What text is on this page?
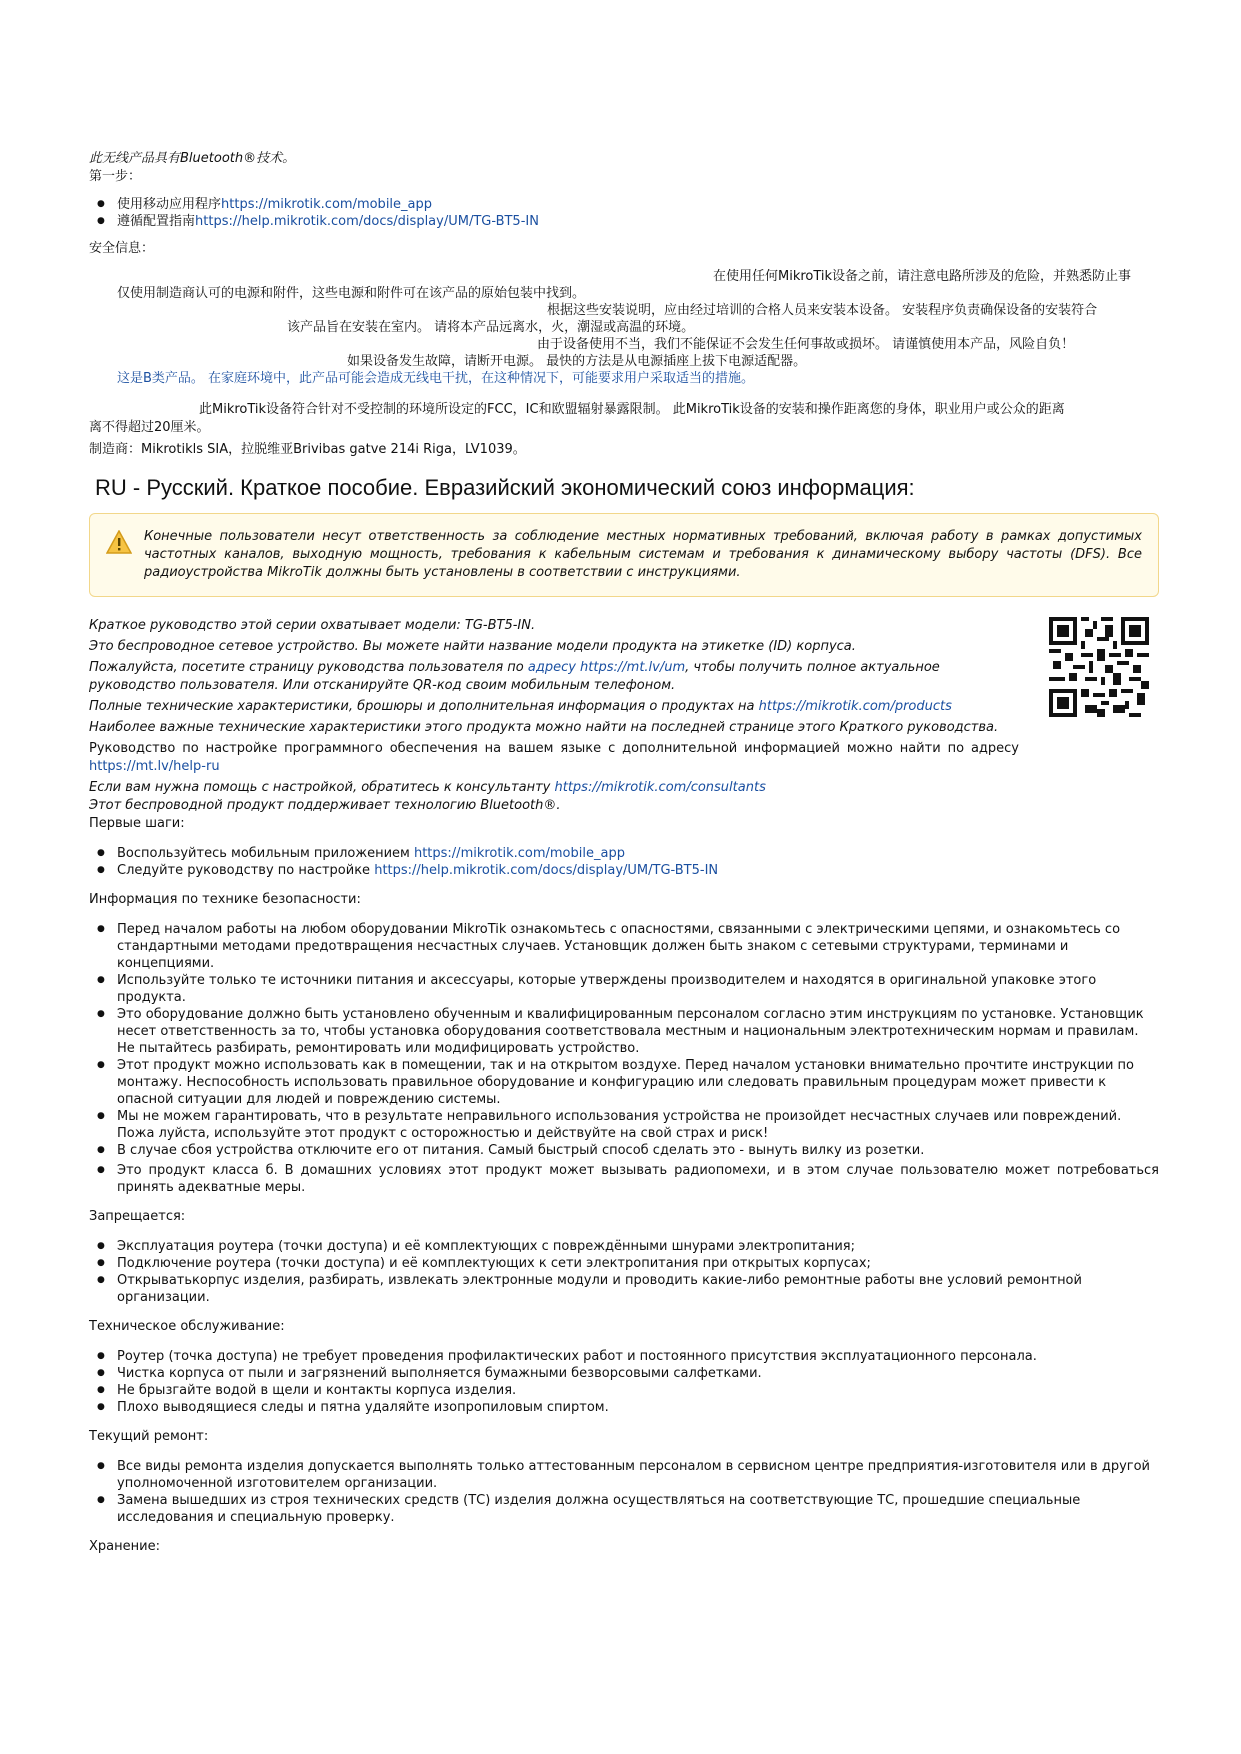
此无线产品具有Bluetooth®技术。
第一步：
● 使用移动应用程序https://mikrotik.com/mobile_app
● 遵循配置指南https://help.mikrotik.com/docs/display/UM/TG-BT5-IN
安全信息：
● 在使用任何MikroTik设备之前，请注意电路所涉及的危险，并熟悉防止事
● 仅使用制造商认可的电源和附件，这些电源和附件可在该产品的原始包装中找到。
● 根据这些安装说明，应由经过培训的合格人员来安装本设备。 安装程序负责确保设备的安装符合
● 该产品旨在安装在室内。 请将本产品远离水，火，潮湿或高温的环境。
● 由于设备使用不当，我们不能保证不会发生任何事故或损坏。 请谨慎使用本产品，风险自负！
● 如果设备发生故障，请断开电源。 最快的方法是从电源插座上拔下电源适配器。
● 这是B类产品。 在家庭环境中，此产品可能会造成无线电干扰，在这种情况下，可能要求用户采取适当的措施。
此MikroTik设备符合针对不受控制的环境所设定的FCC，IC和欧盟辐射暴露限制。 此MikroTik设备的安装和操作距离您的身体，职业用户或公众的距离
离不得超过20厘米。
制造商：Mikrotikls SIA，拉脱维亚Brivibas gatve 214i Riga，LV1039。
RU - Русский. Краткое пособие. Евразийский экономический союз информация:

Конечные пользователи несут ответственность за соблюдение местных нормативных требований, включая работу в рамках допустимых частотных каналов, выходную мощность, требования к кабельным системам и требования к динамическому выбору частоты (DFS). Все радиоустройства MikroTik должны быть установлены в соответствии с инструкциями.

Краткое руководство этой серии охватывает модели: TG-BT5-IN.
Это беспроводное сетевое устройство. Вы можете найти название модели продукта на этикетке (ID) корпуса.
Пожалуйста, посетите страницу руководства пользователя по адресу https://mt.lv/um, чтобы получить полное актуальное руководство пользователя. Или отсканируйте QR-код своим мобильным телефоном.
Полные технические характеристики, брошюры и дополнительная информация о продуктах на https://mikrotik.com/products
Наиболее важные технические характеристики этого продукта можно найти на последней странице этого Краткого руководства.
Руководство по настройке программного обеспечения на вашем языке с дополнительной информацией можно найти по адресу https://mt.lv/help-ru
Если вам нужна помощь с настройкой, обратитесь к консультанту https://mikrotik.com/consultants
Этот беспроводной продукт поддерживает технологию Bluetooth®.
Первые шаги:
● Воспользуйтесь мобильным приложением https://mikrotik.com/mobile_app
● Следуйте руководству по настройке https://help.mikrotik.com/docs/display/UM/TG-BT5-IN
Информация по технике безопасности:
● Перед началом работы на любом оборудовании MikroTik ознакомьтесь с опасностями, связанными с электрическими цепями, и ознакомьтесь со стандартными методами предотвращения несчастных случаев. Установщик должен быть знаком с сетевыми структурами, терминами и концепциями.
● Используйте только те источники питания и аксессуары, которые утверждены производителем и находятся в оригинальной упаковке этого продукта.
● Это оборудование должно быть установлено обученным и квалифицированным персоналом согласно этим инструкциям по установке. Установщик несет ответственность за то, чтобы установка оборудования соответствовала местным и национальным электротехническим нормам и правилам. Не пытайтесь разбирать, ремонтировать или модифицировать устройство.
● Этот продукт можно использовать как в помещении, так и на открытом воздухе. Перед началом установки внимательно прочтите инструкции по монтажу. Неспособность использовать правильное оборудование и конфигурацию или следовать правильным процедурам может привести к опасной ситуации для людей и повреждению системы.
● Мы не можем гарантировать, что в результате неправильного использования устройства не произойдет несчастных случаев или повреждений. Пожа луйста, используйте этот продукт с осторожностью и действуйте на свой страх и риск!
● В случае сбоя устройства отключите его от питания. Самый быстрый способ сделать это - вынуть вилку из розетки.
● Это продукт класса б. В домашних условиях этот продукт может вызывать радиопомехи, и в этом случае пользователю может потребоваться принять адекватные меры.
Запрещается:
● Эксплуатация роутера (точки доступа) и её комплектующих с повреждёнными шнурами электропитания;
● Подключение роутера (точки доступа) и её комплектующих к сети электропитания при открытых корпусах;
● Открыватькорпус изделия, разбирать, извлекать электронные модули и проводить какие-либо ремонтные работы вне условий ремонтной организации.
Техническое обслуживание:
● Роутер (точка доступа) не требует проведения профилактических работ и постоянного присутствия эксплуатационного персонала.
● Чистка корпуса от пыли и загрязнений выполняется бумажными безворсовыми салфетками.
● Не брызгайте водой в щели и контакты корпуса изделия.
● Плохо выводящиеся следы и пятна удаляйте изопропиловым спиртом.
Текущий ремонт:
● Все виды ремонта изделия допускается выполнять только аттестованным персоналом в сервисном центре предприятия-изготовителя или в другой уполномоченной изготовителем организации.
● Замена вышедших из строя технических средств (ТС) изделия должна осуществляться на соответствующие ТС, прошедшие специальные исследования и специальную проверку.
Хранение:
